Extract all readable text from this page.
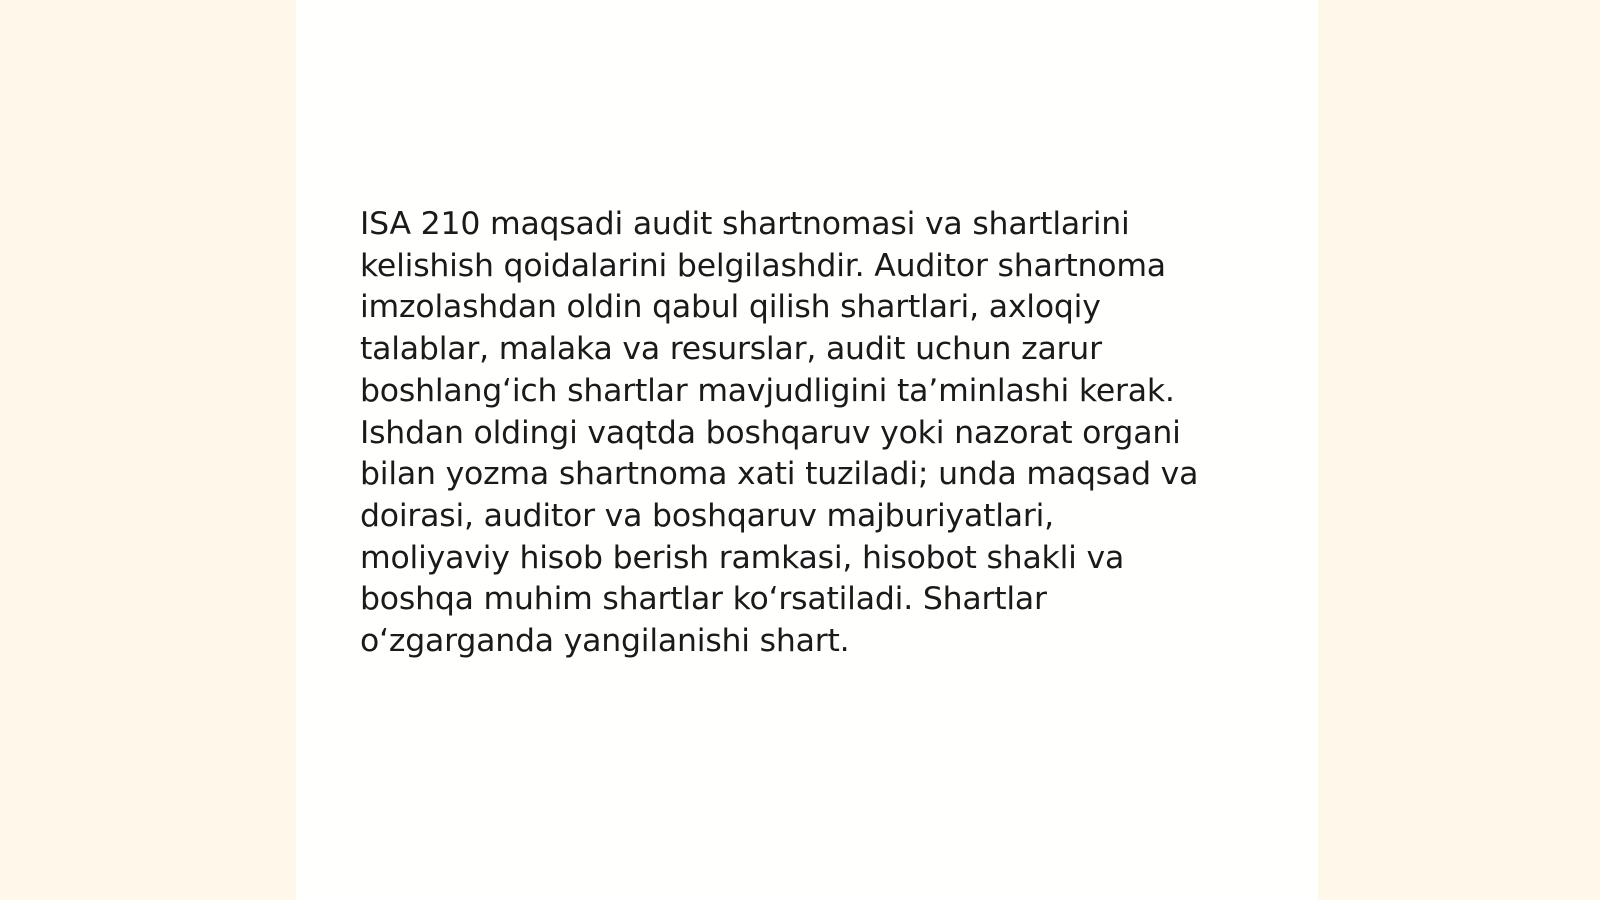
ISA 210 maqsadi audit shartnomasi va shartlarini
kelishish qoidalarini belgilashdir. Auditor shartnoma
imzolashdan oldin qabul qilish shartlari, axloqiy
talablar, malaka va resurslar, audit uchun zarur
boshlangʻich shartlar mavjudligini taʼminlashi kerak.
Ishdan oldingi vaqtda boshqaruv yoki nazorat organi
bilan yozma shartnoma xati tuziladi; unda maqsad va
doirasi, auditor va boshqaruv majburiyatlari,
moliyaviy hisob berish ramkasi, hisobot shakli va
boshqa muhim shartlar koʻrsatiladi. Shartlar
oʻzgarganda yangilanishi shart.
